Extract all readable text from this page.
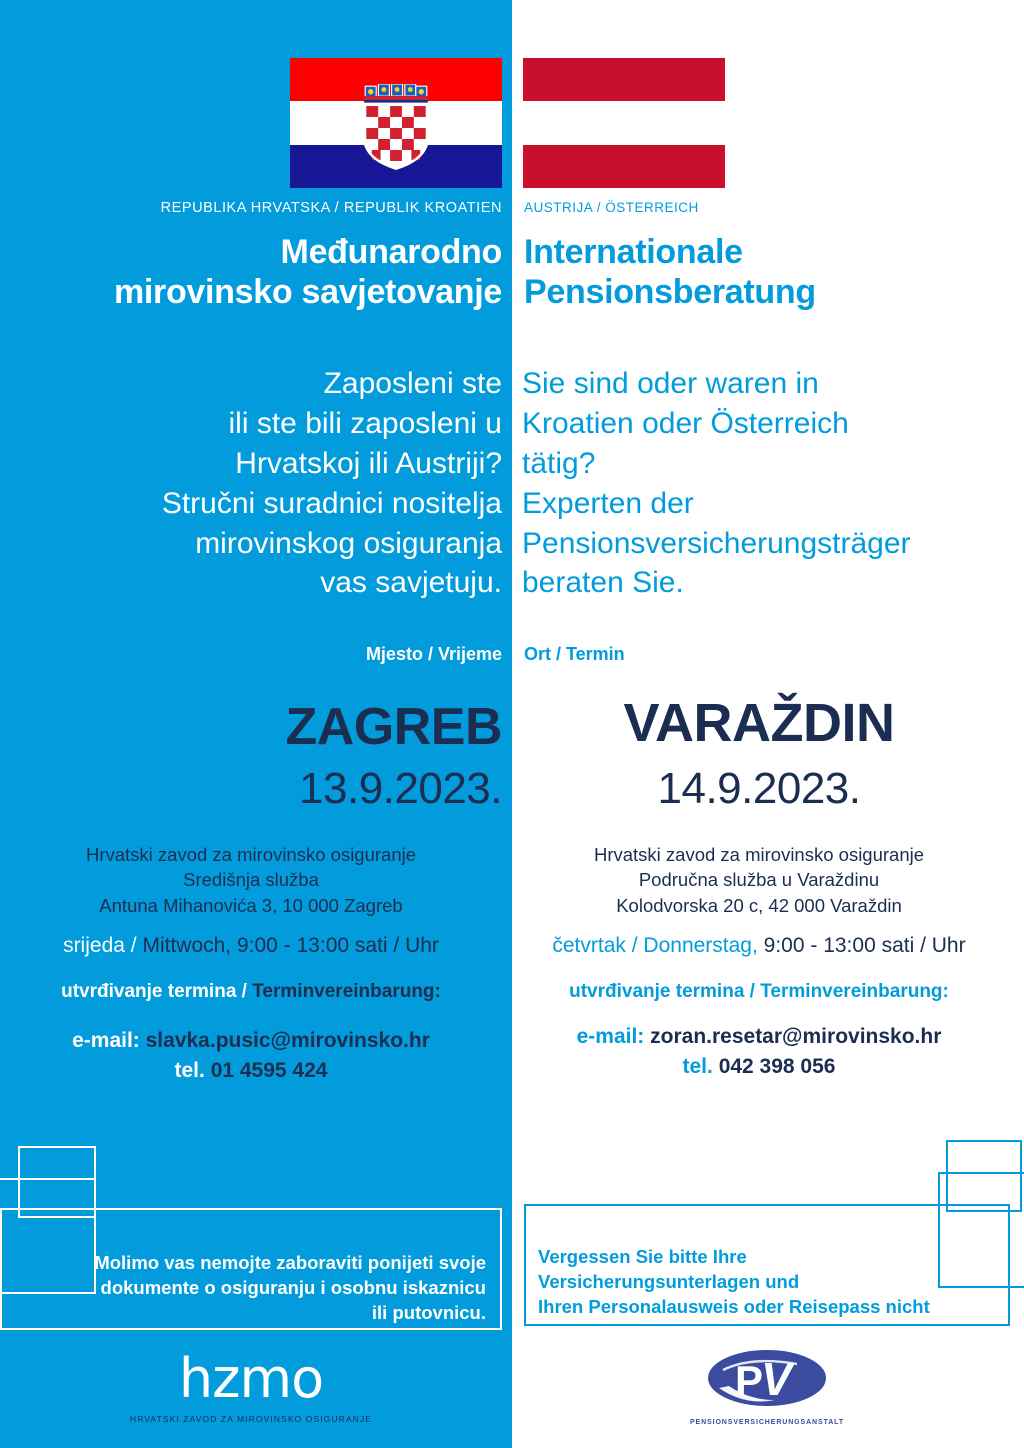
REPUBLIKA HRVATSKA / REPUBLIK KROATIEN AUSTRIJA / ÖSTERREICH
Međunarodno
mirovinsko savjetovanje
Internationale
Pensionsberatung
Zaposleni ste
ili ste bili zaposleni u
Hrvatskoj ili Austriji?
Stručni suradnici nositelja
mirovinskog osiguranja
vas savjetuju.
Sie sind oder waren in
Kroatien oder Österreich
tätig?
Experten der
Pensionsversicherungsträger
beraten Sie.
Mjesto / Vrijeme Ort / Termin
ZAGREB
13.9.2023.
VARAŽDIN
14.9.2023.
Hrvatski zavod za mirovinsko osiguranje
Središnja služba
Antuna Mihanovića 3, 10 000 Zagreb
Hrvatski zavod za mirovinsko osiguranje
Područna služba u Varaždinu
Kolodvorska 20 c, 42 000 Varaždin
srijeda / Mittwoch, 9:00 - 13:00 sati / Uhr	četvrtak / Donnerstag, 9:00 - 13:00 sati / Uhr
utvrđivanje termina / Terminvereinbarung:	utvrđivanje termina / Terminvereinbarung:
e-mail: slavka.pusic@mirovinsko.hr
tel. 01 4595 424
e-mail: zoran.resetar@mirovinsko.hr
tel. 042 398 056
Molimo vas nemojte zaboraviti ponijeti svoje
dokumente o osiguranju i osobnu iskaznicu
ili putovnicu.
Vergessen Sie bitte Ihre
Versicherungsunterlagen und
Ihren Personalausweis oder Reisepass nicht
hzmo
HRVATSKI ZAVOD ZA MIROVINSKO OSIGURANJE
P
V
PENSIONSVERSICHERUNGSANSTALT
